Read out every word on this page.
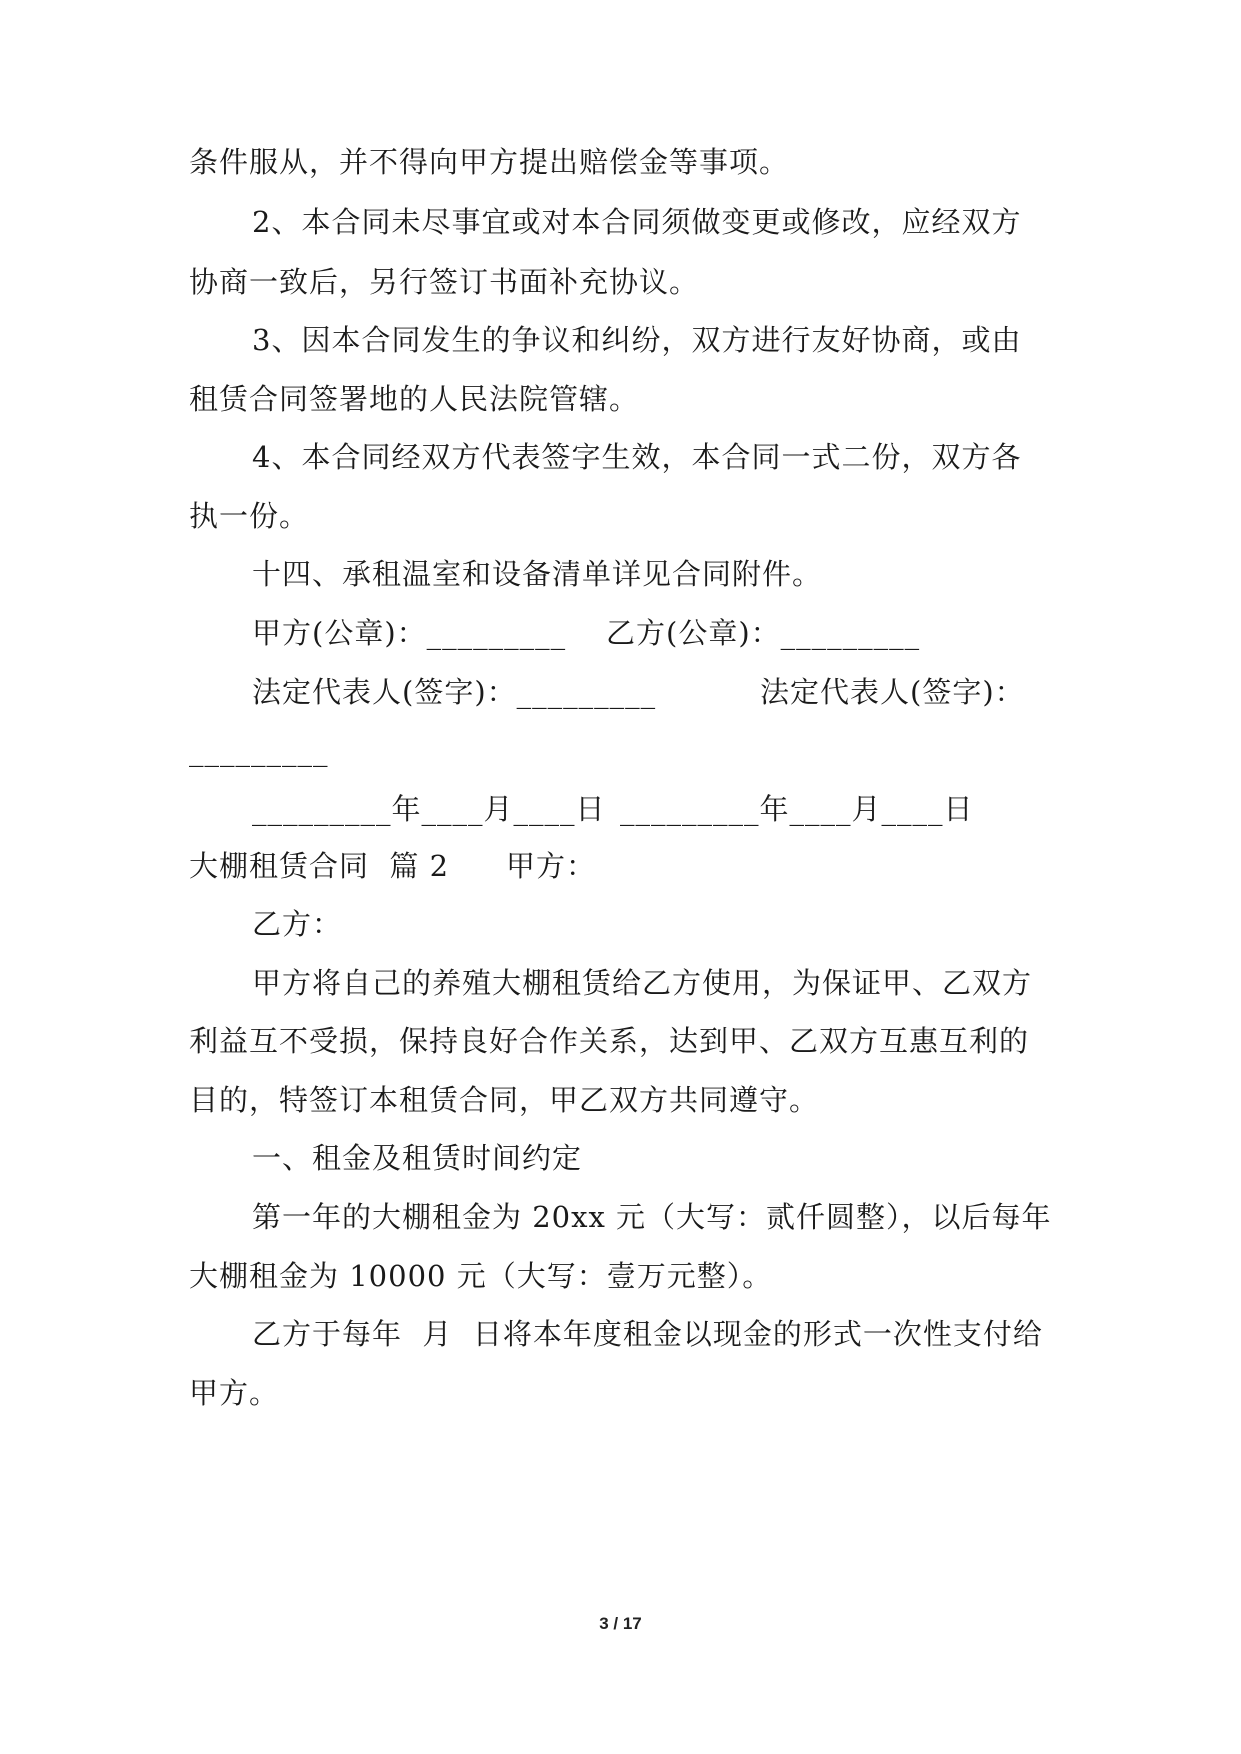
条件服从，并不得向甲方提出赔偿金等事项。
2、本合同未尽事宜或对本合同须做变更或修改，应经双方
协商一致后，另行签订书面补充协议。
3、因本合同发生的争议和纠纷，双方进行友好协商，或由
租赁合同签署地的人民法院管辖。
4、本合同经双方代表签字生效，本合同一式二份，双方各
执一份。
十四、承租温室和设备清单详见合同附件。
甲方(公章)：_________ 乙方(公章)：_________
法定代表人(签字)：_________	法定代表人(签字)：
_________
_________年____月____日 _________年____月____日
大棚租赁合同  篇 2 甲方：
乙方：
甲方将自己的养殖大棚租赁给乙方使用，为保证甲、乙双方
利益互不受损，保持良好合作关系，达到甲、乙双方互惠互利的
目的，特签订本租赁合同，甲乙双方共同遵守。
一、租金及租赁时间约定
第一年的大棚租金为 20xx 元（大写：贰仟圆整），以后每年
大棚租金为 10000 元（大写：壹万元整）。
乙方于每年  月  日将本年度租金以现金的形式一次性支付给
甲方。
3 / 17
